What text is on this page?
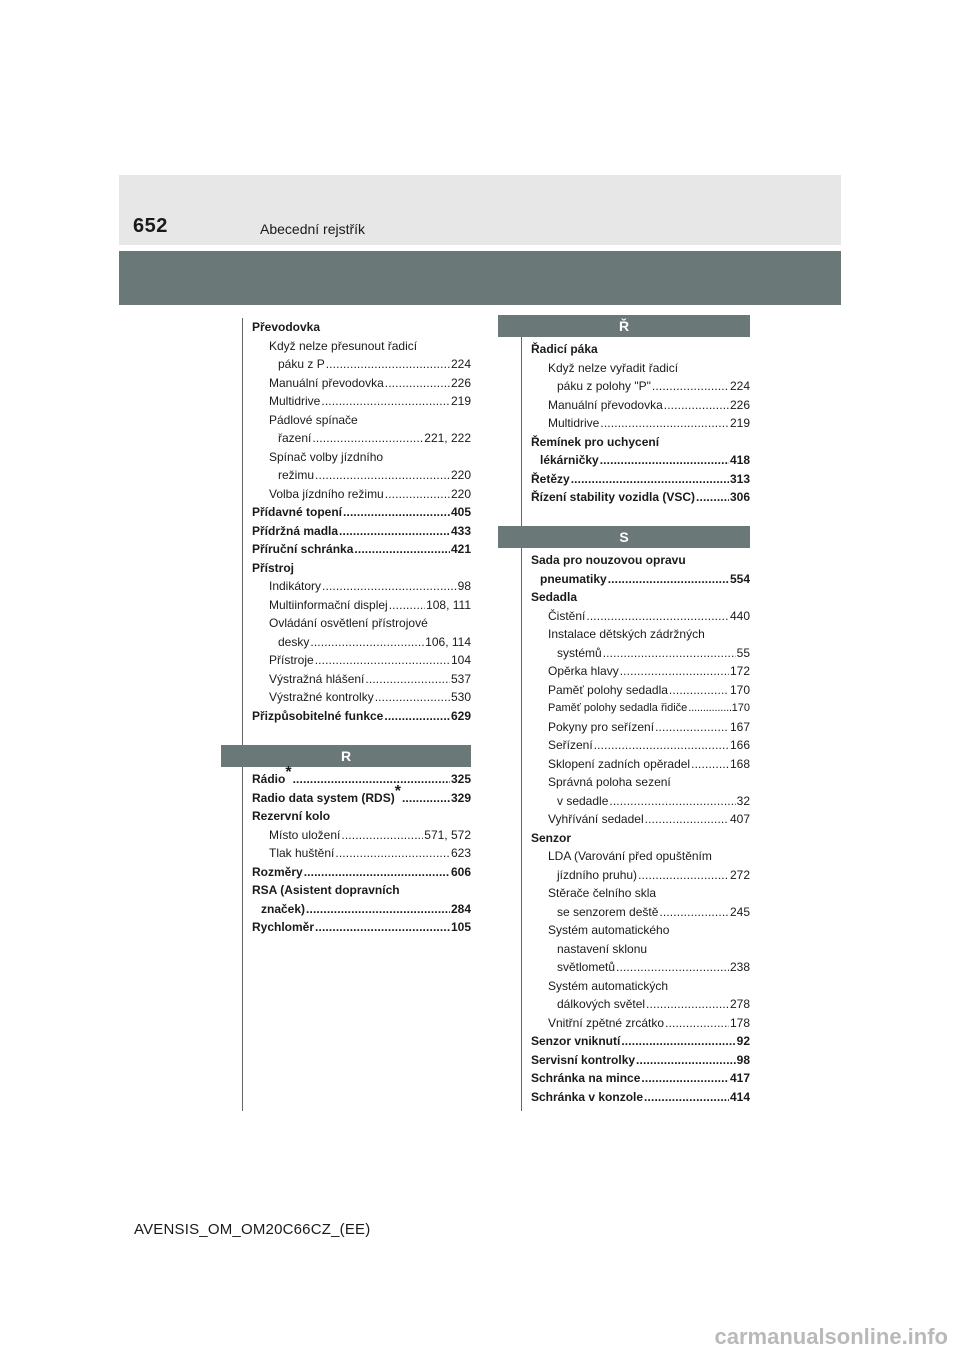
652	Abecední rejstřík
Převodovka
Když nelze přesunout řadicí
páku z P . . .	224
Manuální převodovka . . .	226
Multidrive . . .	219
Pádlové spínače
řazení . . .	221, 222
Spínač volby jízdního
režimu . . .	220
Volba jízdního režimu . . .	220
Přídavné topení . . .	405
Přídržná madla . . .	433
Příruční schránka . . .	421
Přístroj
Indikátory . . .	98
Multiinformační displej . . .	108, 111
Ovládání osvětlení přístrojové
desky . . .	106, 114
Přístroje . . .	104
Výstražná hlášení . . .	537
Výstražné kontrolky . . .	530
Přizpůsobitelné funkce . . .	629
R
Rádio* . . .	325
Radio data system (RDS)* . . .	329
Rezervní kolo
Místo uložení . . .	571, 572
Tlak huštění . . .	623
Rozměry . . .	606
RSA (Asistent dopravních
značek) . . .	284
Rychloměr . . .	105
Ř
Řadicí páka
Když nelze vyřadit řadicí
páku z polohy "P" . . .	224
Manuální převodovka . . .	226
Multidrive . . .	219
Řemínek pro uchycení
lékárničky . . .	418
Řetězy . . .	313
Řízení stability vozidla (VSC) . . .	306
S
Sada pro nouzovou opravu
pneumatiky . . .	554
Sedadla
Čistění . . .	440
Instalace dětských zádržných
systémů . . .	55
Opěrka hlavy . . .	172
Paměť polohy sedadla . . .	170
Paměť polohy sedadla řidiče . . .	170
Pokyny pro seřízení . . .	167
Seřízení . . .	166
Sklopení zadních opěradel . . .	168
Správná poloha sezení
v sedadle . . .	32
Vyhřívání sedadel . . .	407
Senzor
LDA (Varování před opuštěním
jízdního pruhu) . . .	272
Stěrače čelního skla
se senzorem deště . . .	245
Systém automatického
nastavení sklonu
světlometů . . .	238
Systém automatických
dálkových světel . . .	278
Vnitřní zpětné zrcátko . . .	178
Senzor vniknutí . . .	92
Servisní kontrolky . . .	98
Schránka na mince . . .	417
Schránka v konzole . . .	414
AVENSIS_OM_OM20C66CZ_(EE)
carmanualsonline.info
